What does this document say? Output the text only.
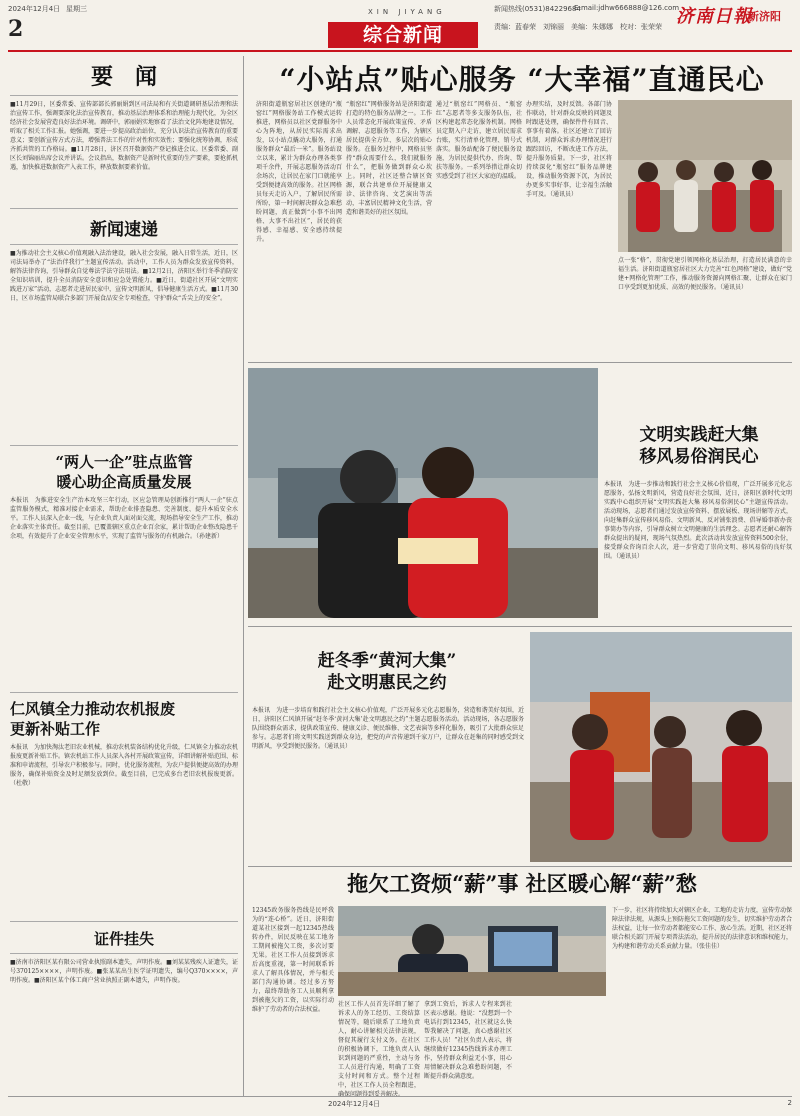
2024年12月4日 星期三	新闻热线(0531)84229684
E-mail:jdhw666888@126.com
2
XIN JIYANG
综合新闻	责编：蓝春荣　刘锦丽　美编：朱娜娜　校对：张荣荣 济南日報
新济阳
要　闻
■11月29日，区委常委、宣传部部长郭丽娟到区司法局和有关街道调研基层治理和法治宣传工作，强调要深化法治宣传教育，推动基层治理体系和治理能力现代化，为全区经济社会发展营造良好法治环境。调研中，郭丽娟实地察看了法治文化阵地建设情况，听取了相关工作汇报。她强调，要进一步提高政治站位，充分认识法治宣传教育的重要意义；要创新宣传方式方法，增强普法工作的针对性和实效性；要强化统筹协调，形成齐抓共管的工作格局。■11月28日，济区召开数据资产登记推进会议。区委常委、副区长刘锦丽出席会议并讲话。会议指出，数据资产是新时代重要的生产要素，要抢抓机遇，加快推进数据资产入表工作，释放数据要素价值。
新闻速递
■为推动社会主义核心价值观融入法治建设，融入社会发展，融入日常生活，近日，区司法局举办了“法治伴我行”主题宣传活动。活动中，工作人员为群众发放宣传资料，解答法律咨询，引导群众自觉尊法学法守法用法。■12月2日，济阳区举行冬季消防安全知识培训，提升全员消防安全意识和应急处置能力。■近日，街道社区开展“文明实践进万家”活动，志愿者走进居民家中，宣传文明新风，倡导健康生活方式。■11月30日，区市场监管局联合多部门开展食品安全专项检查，守护群众“舌尖上的安全”。
“两人一企”驻点监管
暖心助企高质量发展
本报讯　为推进安全生产治本攻坚三年行动，区应急管理局创新推行“两人一企”驻点监管服务模式，精准对接企业需求，帮助企业排查隐患、完善制度、提升本质安全水平。工作人员深入企业一线，与企业负责人面对面交流，现场指导安全生产工作，推动企业落实主体责任。截至目前，已覆盖辖区重点企业百余家，累计帮助企业整改隐患千余项，有效提升了企业安全管理水平，实现了监管与服务的有机融合。（孙建新）
仁风镇全力推动农机报废
更新补贴工作
本报讯　为加快淘汰老旧农业机械，推动农机装备结构优化升级，仁风镇全力推动农机报废更新补贴工作。镇农机站工作人员深入各村开展政策宣传，详细讲解补贴范围、标准和申请流程，引导农户积极参与。同时，优化服务流程，为农户提供便捷高效的办理服务，确保补贴资金及时足额发放到位。截至目前，已完成多台老旧农机报废更新。（杜敬）
证件挂失
■济南市济阳区某有限公司营业执照副本遗失，声明作废。■刘某某残疾人证遗失，证号370125××××，声明作废。■张某某出生医学证明遗失，编号Q370××××，声明作废。■济阳区某个体工商户营业执照正副本遗失，声明作废。
“小站点”贴心服务 “大幸福”直通民心
济阳街道瓶窑居社区创建的“瓶窑红”网格服务站工作模式运转推进，网格员以社区党群服务中心为阵地，从居民实际需求出发，以小站点撬动大服务，打通服务群众“最后一米”。服务站设立以来，累计为群众办理各类事项千余件，开展志愿服务活动百余场次，让居民在家门口就能享受到便捷高效的服务。社区网格员每天走访入户，了解居民所需所盼，第一时间解决群众急难愁盼问题，真正做到“小事不出网格、大事不出社区”，居民的获得感、幸福感、安全感持续提升。
“瓶窑红”网格服务站是济阳街道打造的特色服务品牌之一。工作人员常态化开展政策宣传、矛盾调解、志愿服务等工作，为辖区居民提供全方位、多层次的贴心服务。在服务过程中，网格员坚持“群众需要什么，我们就服务什么”，把服务做到群众心坎上。同时，社区还整合辖区资源，联合共建单位开展健康义诊、法律咨询、文艺演出等活动，丰富居民精神文化生活，营造和谐美好的社区氛围。
通过“瓶窑红”网格员、“瓶窑红”志愿者等多支服务队伍，社区构建起常态化服务机制。网格员定期入户走访，建立居民需求台账，实行清单化管理、销号式落实。服务站配备了便民服务设施，为居民提供代办、咨询、帮扶等服务。一系列举措让群众切实感受到了社区大家庭的温暖。
办理实结，及时反馈。各部门协作联动，针对群众反映的问题及时跟进处理，确保件件有回音、事事有着落。社区还建立了回访机制，对群众诉求办理情况进行跟踪回访，不断改进工作方法，提升服务质量。下一步，社区将持续深化“瓶窑红”服务品牌建设，推动服务资源下沉，为居民办更多实事好事，让幸福生活触手可及。（通讯员）
点一张“格”，贯彻党建引领网格化基层治理，打造居民满意的幸福生活。济阳街道瓶窑居社区大力完善“红色网格”建设，做好“党建+网格化管理”工作，推动服务资源向网格汇聚、让群众在家门口享受到更加优质、高效的便民服务。（通讯员）
文明实践赶大集
移风易俗润民心
本报讯　为进一步推动和践行社会主义核心价值观，广泛开展多元化志愿服务，弘扬文明新风，营造良好社会氛围，近日，济阳区新时代文明实践中心组织开展“文明实践赶大集 移风易俗润民心”主题宣传活动。活动现场，志愿者们通过发放宣传资料、摆放展板、现场讲解等方式，向赶集群众宣传移风易俗、文明新风、反对铺张浪费、倡导婚事新办丧事简办等内容，引导群众树立文明健康的生活理念。志愿者还耐心解答群众提出的疑问，现场气氛热烈。此次活动共发放宣传资料500余份，接受群众咨询百余人次，进一步营造了崇尚文明、移风易俗的良好氛围。（通讯员）
赶冬季“黄河大集”
赴文明惠民之约
本报讯　为进一步培育和践行社会主义核心价值观，广泛开展多元化志愿服务，营造和谐美好氛围，近日，济阳区仁风镇开展“赶冬季‘黄河大集’赴文明惠民之约”主题志愿服务活动。活动现场，各志愿服务队围绕群众需求，提供政策宣传、健康义诊、便民维修、文艺表演等多样化服务，吸引了大批群众驻足参与。志愿者们将文明实践送到群众身边，把党的声音传递到千家万户，让群众在赶集的同时感受到文明新风，享受到便民服务。（通讯员）
拖欠工资烦“薪”事 社区暖心解“薪”愁
12345政务服务热线是民呼我为的“连心桥”。近日，济阳街道某社区接到一起12345热线转办件，居民反映在某工地务工期间被拖欠工资，多次讨要无果。社区工作人员接到诉求后高度重视，第一时间联系诉求人了解具体情况，并与相关部门沟通协调。经过多方努力，最终帮助务工人员顺利拿到被拖欠的工资，以实际行动维护了劳动者的合法权益。
社区工作人员首先详细了解了诉求人的务工经历、工资结算情况等，随后联系了工地负责人，耐心讲解相关法律法规，督促其履行支付义务。在社区的积极协调下，工地负责人认识到问题的严重性，主动与务工人员进行沟通，明确了工资支付时间和方式。整个过程中，社区工作人员全程跟进，确保问题得到妥善解决。
拿到工资后，诉求人专程来到社区表示感谢。他说：“没想到一个电话打到12345，社区就这么快帮我解决了问题，真心感谢社区工作人员！”社区负责人表示，将继续做好12345热线诉求办理工作，坚持群众利益无小事，用心用情解决群众急难愁盼问题，不断提升群众满意度。
下一步，社区将持续加大对辖区企业、工地的走访力度，宣传劳动保障法律法规，从源头上预防拖欠工资问题的发生，切实维护劳动者合法权益，让每一位劳动者都能安心工作、放心生活。近期，社区还将联合相关部门开展专项普法活动，提升居民的法律意识和维权能力，为构建和谐劳动关系贡献力量。（张佳佳）
2024年12月4日	2
